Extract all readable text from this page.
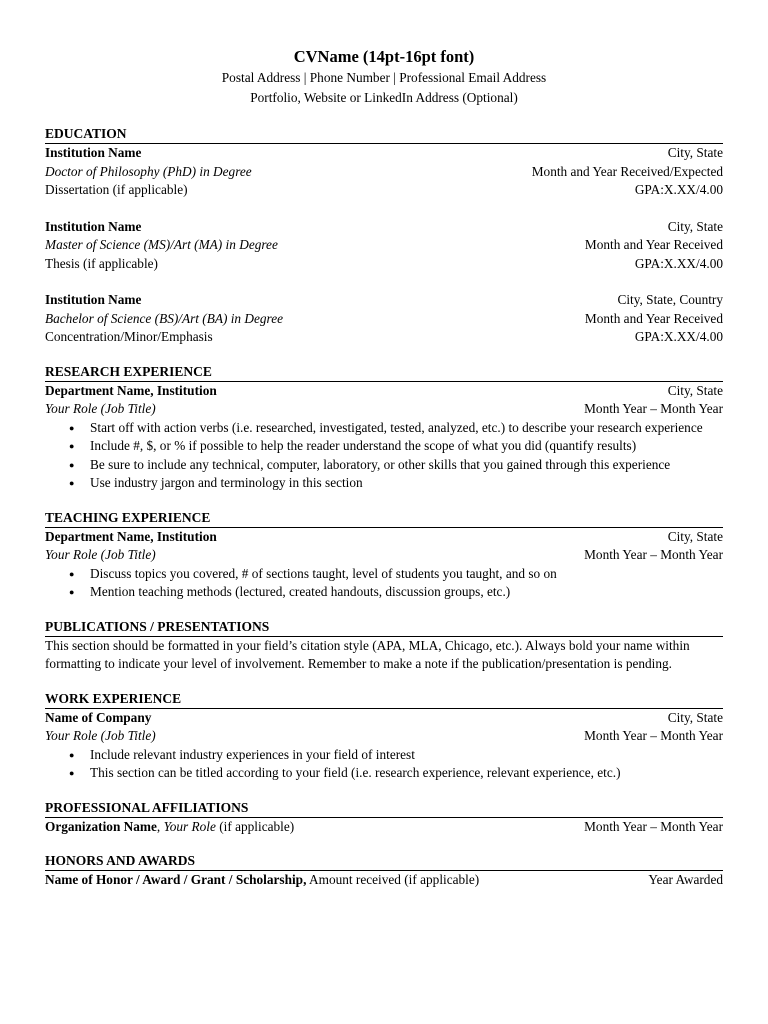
CVName (14pt-16pt font)
Postal Address | Phone Number | Professional Email Address
Portfolio, Website or LinkedIn Address (Optional)
EDUCATION
Institution Name	City, State
Doctor of Philosophy (PhD) in Degree	Month and Year Received/Expected
Dissertation (if applicable)	GPA:X.XX/4.00
Institution Name	City, State
Master of Science (MS)/Art (MA) in Degree	Month and Year Received
Thesis (if applicable)	GPA:X.XX/4.00
Institution Name	City, State, Country
Bachelor of Science (BS)/Art (BA) in Degree	Month and Year Received
Concentration/Minor/Emphasis	GPA:X.XX/4.00
RESEARCH EXPERIENCE
Department Name, Institution	City, State
Your Role (Job Title)	Month Year – Month Year
● Start off with action verbs (i.e. researched, investigated, tested, analyzed, etc.) to describe your research experience
● Include #, $, or % if possible to help the reader understand the scope of what you did (quantify results)
● Be sure to include any technical, computer, laboratory, or other skills that you gained through this experience
● Use industry jargon and terminology in this section
TEACHING EXPERIENCE
Department Name, Institution	City, State
Your Role (Job Title)	Month Year – Month Year
● Discuss topics you covered, # of sections taught, level of students you taught, and so on
● Mention teaching methods (lectured, created handouts, discussion groups, etc.)
PUBLICATIONS / PRESENTATIONS
This section should be formatted in your field’s citation style (APA, MLA, Chicago, etc.). Always bold your name within formatting to indicate your level of involvement. Remember to make a note if the publication/presentation is pending.
WORK EXPERIENCE
Name of Company	City, State
Your Role (Job Title)	Month Year – Month Year
● Include relevant industry experiences in your field of interest
● This section can be titled according to your field (i.e. research experience, relevant experience, etc.)
PROFESSIONAL AFFILIATIONS
Organization Name, Your Role (if applicable)	Month Year – Month Year
HONORS AND AWARDS
Name of Honor / Award / Grant / Scholarship, Amount received (if applicable)	Year Awarded
